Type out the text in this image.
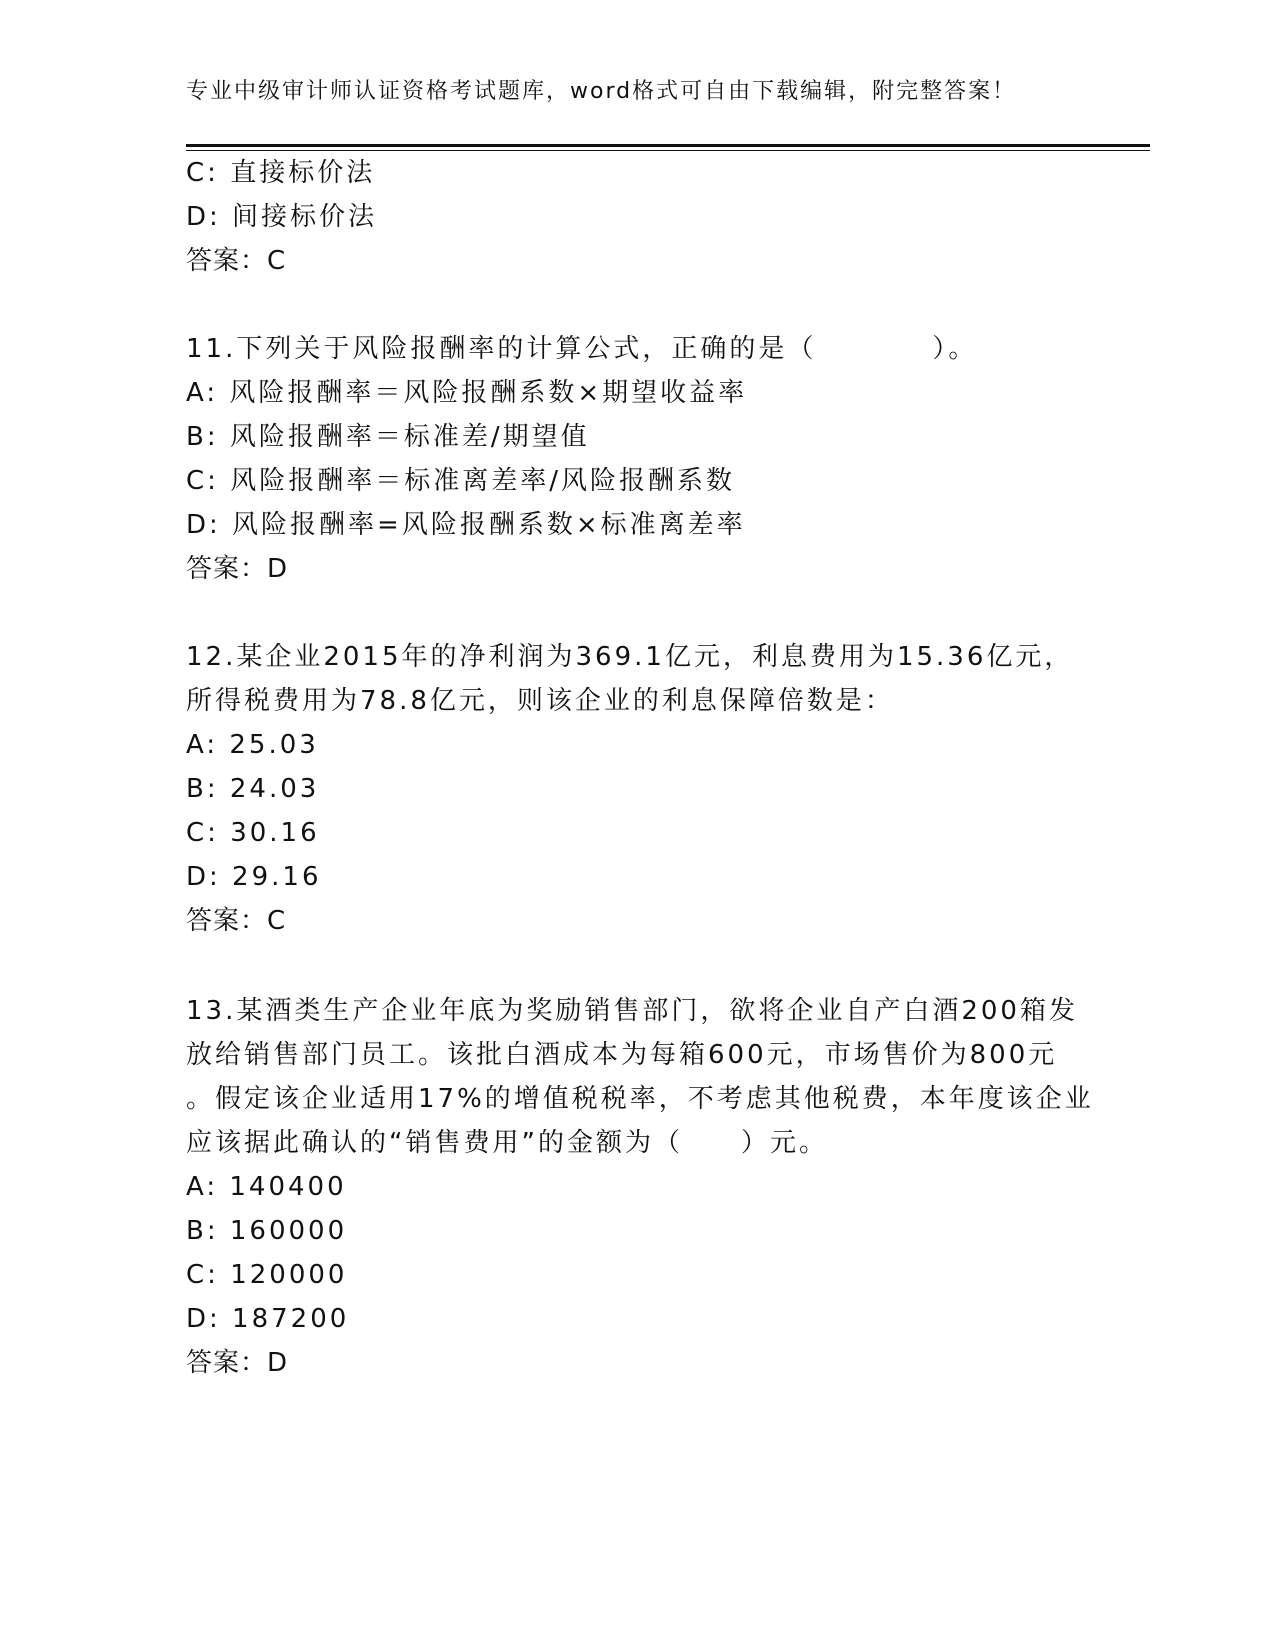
专业中级审计师认证资格考试题库，word格式可自由下载编辑，附完整答案！
C: 直接标价法
D: 间接标价法
答案：C
11.下列关于风险报酬率的计算公式，正确的是（　　　　）。
A: 风险报酬率＝风险报酬系数×期望收益率
B: 风险报酬率＝标准差/期望值
C: 风险报酬率＝标准离差率/风险报酬系数
D: 风险报酬率=风险报酬系数×标准离差率
答案：D
12.某企业2015年的净利润为369.1亿元，利息费用为15.36亿元，
所得税费用为78.8亿元，则该企业的利息保障倍数是：
A: 25.03
B: 24.03
C: 30.16
D: 29.16
答案：C
13.某酒类生产企业年底为奖励销售部门，欲将企业自产白酒200箱发
放给销售部门员工。该批白酒成本为每箱600元，市场售价为800元
。假定该企业适用17%的增值税税率，不考虑其他税费，本年度该企业
应该据此确认的“销售费用”的金额为（　　）元。
A: 140400
B: 160000
C: 120000
D: 187200
答案：D
